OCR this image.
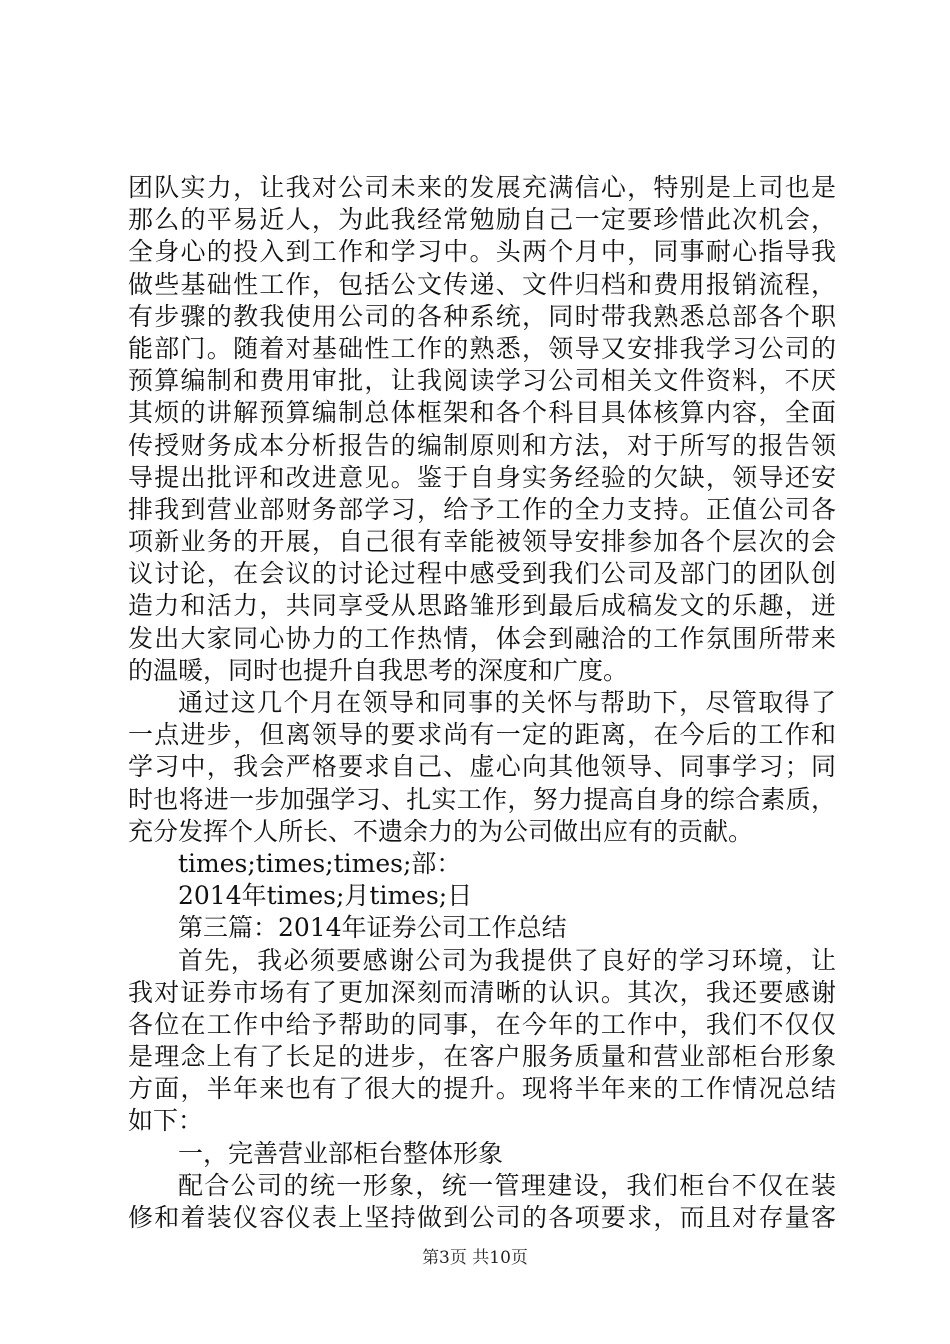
团队实力，让我对公司未来的发展充满信心，特别是上司也是
那么的平易近人，为此我经常勉励自己一定要珍惜此次机会，
全身心的投入到工作和学习中。头两个月中，同事耐心指导我
做些基础性工作，包括公文传递、文件归档和费用报销流程，
有步骤的教我使用公司的各种系统，同时带我熟悉总部各个职
能部门。随着对基础性工作的熟悉，领导又安排我学习公司的
预算编制和费用审批，让我阅读学习公司相关文件资料，不厌
其烦的讲解预算编制总体框架和各个科目具体核算内容，全面
传授财务成本分析报告的编制原则和方法，对于所写的报告领
导提出批评和改进意见。鉴于自身实务经验的欠缺，领导还安
排我到营业部财务部学习，给予工作的全力支持。正值公司各
项新业务的开展，自己很有幸能被领导安排参加各个层次的会
议讨论，在会议的讨论过程中感受到我们公司及部门的团队创
造力和活力，共同享受从思路雏形到最后成稿发文的乐趣，迸
发出大家同心协力的工作热情，体会到融洽的工作氛围所带来
的温暖，同时也提升自我思考的深度和广度。
通过这几个月在领导和同事的关怀与帮助下，尽管取得了
一点进步，但离领导的要求尚有一定的距离，在今后的工作和
学习中，我会严格要求自己、虚心向其他领导、同事学习；同
时也将进一步加强学习、扎实工作，努力提高自身的综合素质，
充分发挥个人所长、不遗余力的为公司做出应有的贡献。
times;times;times;部：
2014年times;月times;日
第三篇：2014年证券公司工作总结
首先，我必须要感谢公司为我提供了良好的学习环境，让
我对证券市场有了更加深刻而清晰的认识。其次，我还要感谢
各位在工作中给予帮助的同事，在今年的工作中，我们不仅仅
是理念上有了长足的进步，在客户服务质量和营业部柜台形象
方面，半年来也有了很大的提升。现将半年来的工作情况总结
如下：
一，完善营业部柜台整体形象
配合公司的统一形象，统一管理建设，我们柜台不仅在装
修和着装仪容仪表上坚持做到公司的各项要求，而且对存量客
第3页 共10页
